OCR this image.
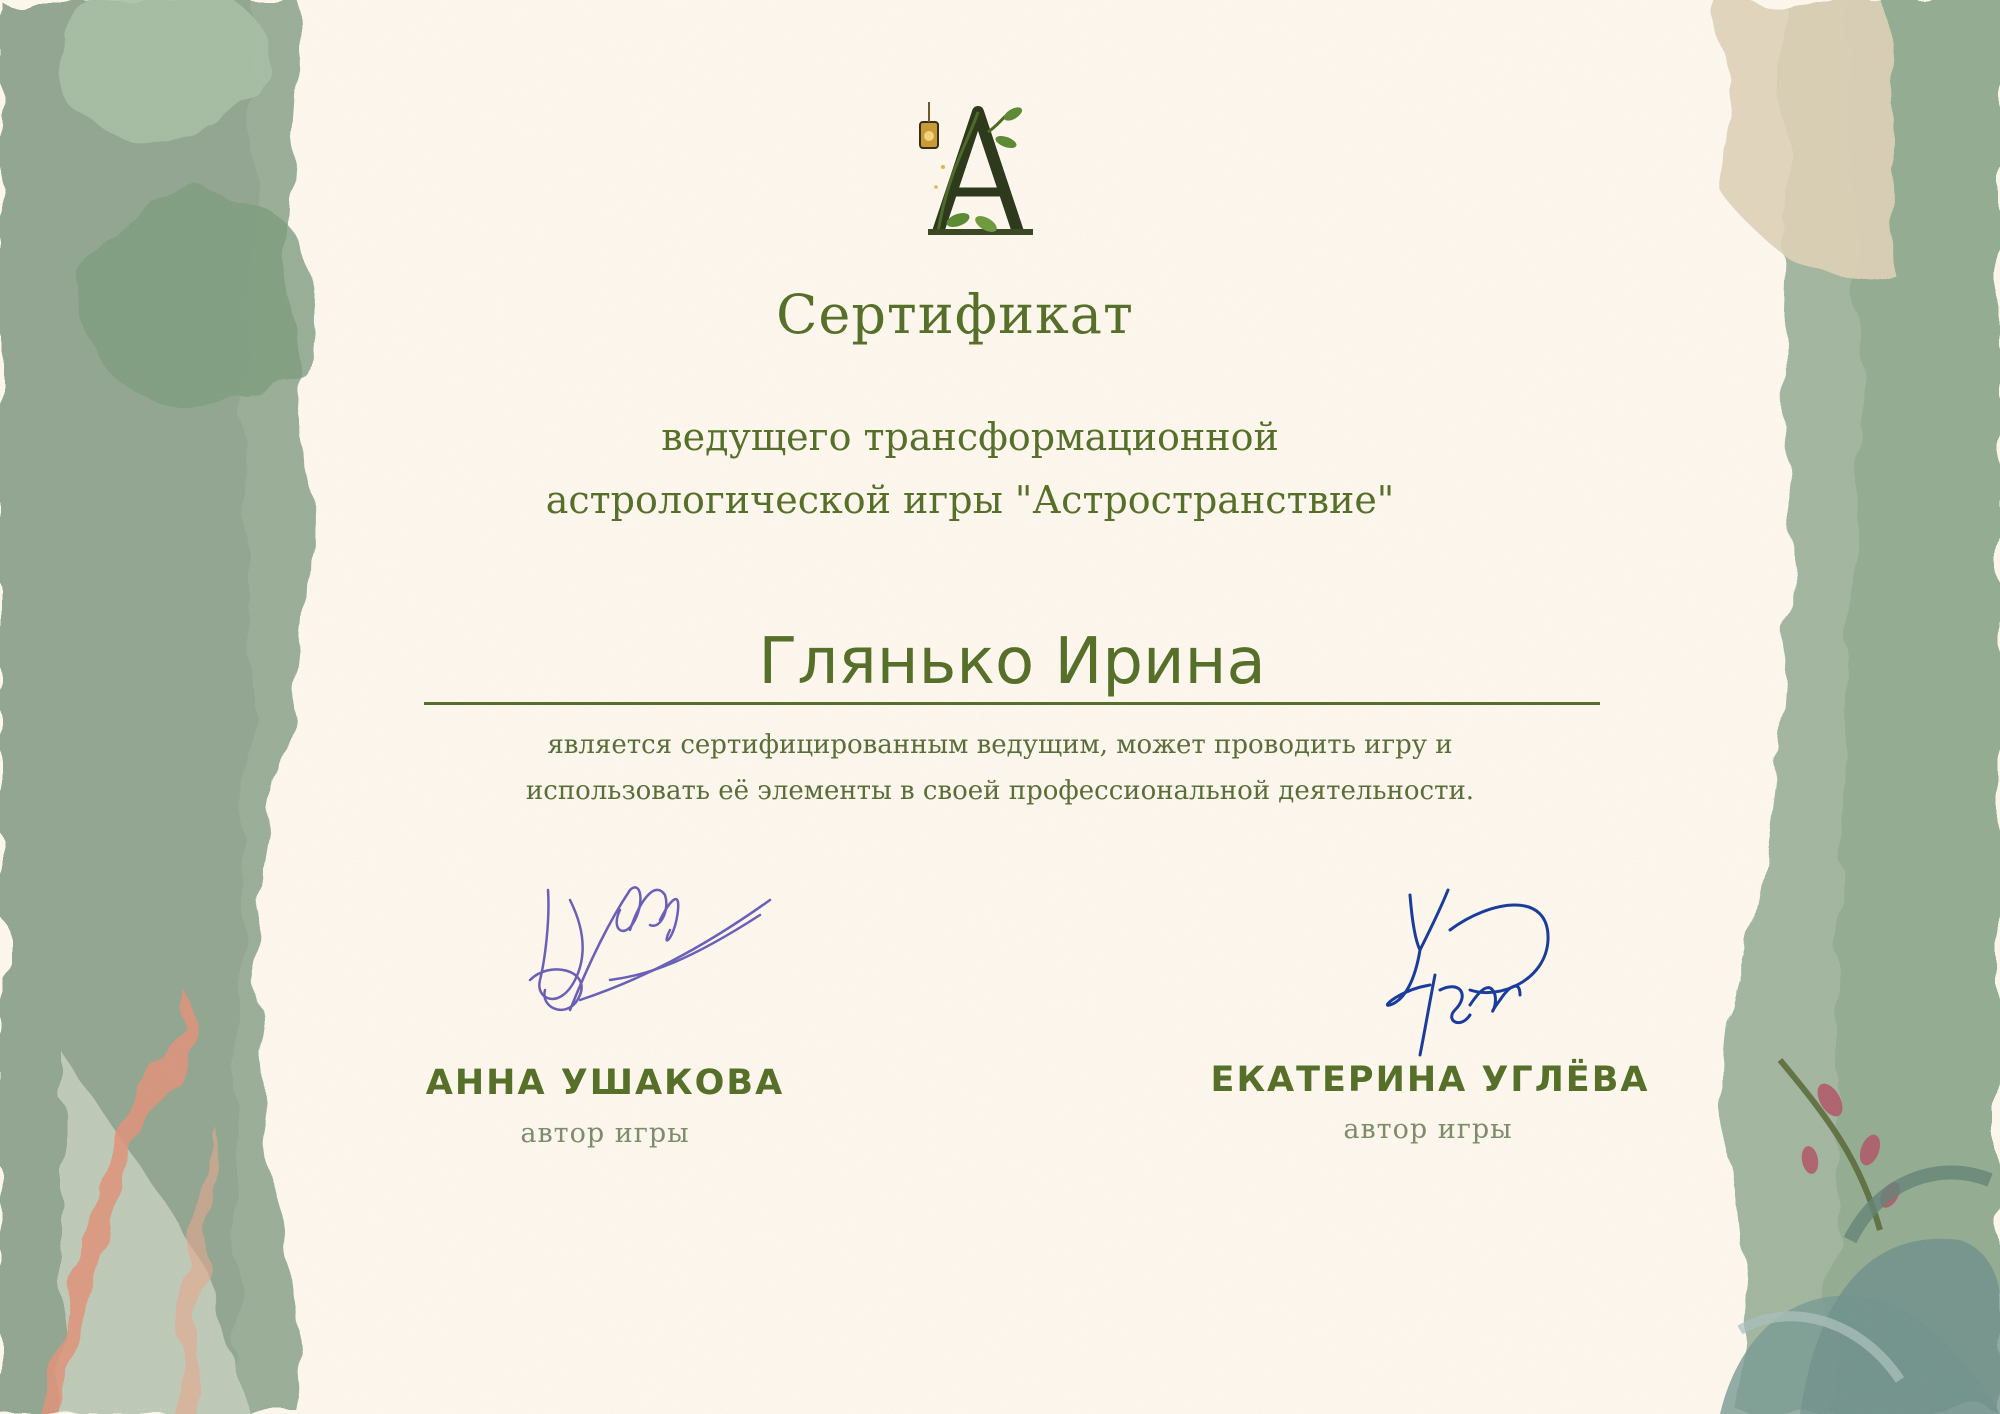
Сертификат
ведущего трансформационной
астрологической игры "Астространствие"
Глянько Ирина
является сертифицированным ведущим, может проводить игру и
использовать её элементы в своей профессиональной деятельности.
АННА УШАКОВА
автор игры
ЕКАТЕРИНА УГЛЁВА
автор игры
